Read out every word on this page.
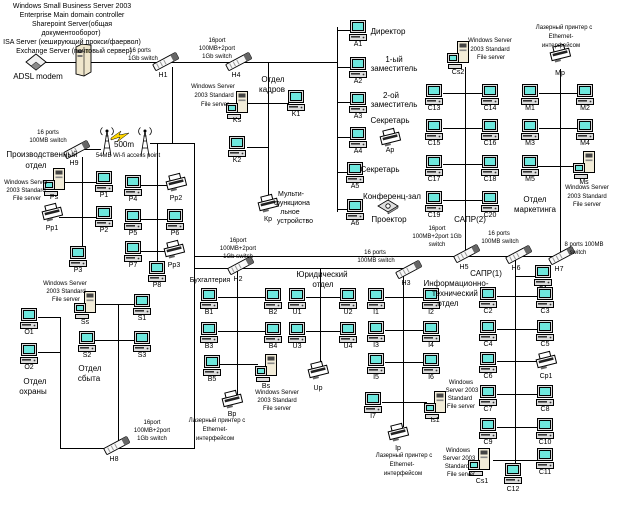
H1	H4
H9
H2
H3
H5	H6	H7
H8
Ks
Ps
Ss
Bs
Is1
Cs1
Cs2
Ms
Pp1
Pp2
Pp3
Ар
Кр
Up
Bp
Ip
Mp
Cp1
A1
A2
A3
A4
A5
A6
K1
K2
P1
P2
P3
P4
P5	P6
P7
P8
O1
O2
S1
S2	S3
B1	B2
B3	B4
B5
U1	U2
U3	U4
I1	I2
I3	I4
I5	I6
I7
C13	C14
C15	C16
C17	C18
C19	C20
M1	M2
M3	M4
M5
C2	C3
C4	C5
C6
C7	C8
C9	C10
C11
C12
Windows Small Business Server 2003
Enterprise Main domain controller
Sharepoint Server(общая
документооборот)
ISA Server (кеширующий прокси/фаервол)
Exchange Server (почтовый сервер)
16 ports
1Gb switch
ADSL modem
16port
100MB+2port
1Gb switch
Windows Server
2003 Standard
File server
Отдел
кадров
Директор
1-ый
заместитель
2-ой
заместитель
Секретарь
Секретарь
Конференц-зал
Проектор
16 ports
100MB switch
Производственный
отдел
500m
54MB Wi-fi access point
Windows Server
2003 Standard
File server
Windows Server
2003 Standard
File server
Отдел
охраны
Отдел
сбыта
16port
100MB+2port
1Gb switch
Бухгалтерия
16port
100MB+2port
1Gb switch
Юридический
отдел
16 ports
100MB switch
Информационно-
технический
отдел
Мульти-
функциона
льное
устройство
Windows Server
2003 Standard
File server
Лазерный принтер с
Ethernet-
интерфейсом
Windows
Server 2003
Standard
File server
Лазерный принтер с
Ethernet-
интерфейсом
Windows
Server 2003
Standard
File server
САПР(1)
САПР(2)
16port
100MB+2port 1Gb
switch
16 ports
100MB switch	8 ports 100MB
switch
Windows Server
2003 Standard
File server
Лазерный принтер с
Ethernet-
интерфейсом
Отдел
маркетинга
Windows Server
2003 Standard
File server
